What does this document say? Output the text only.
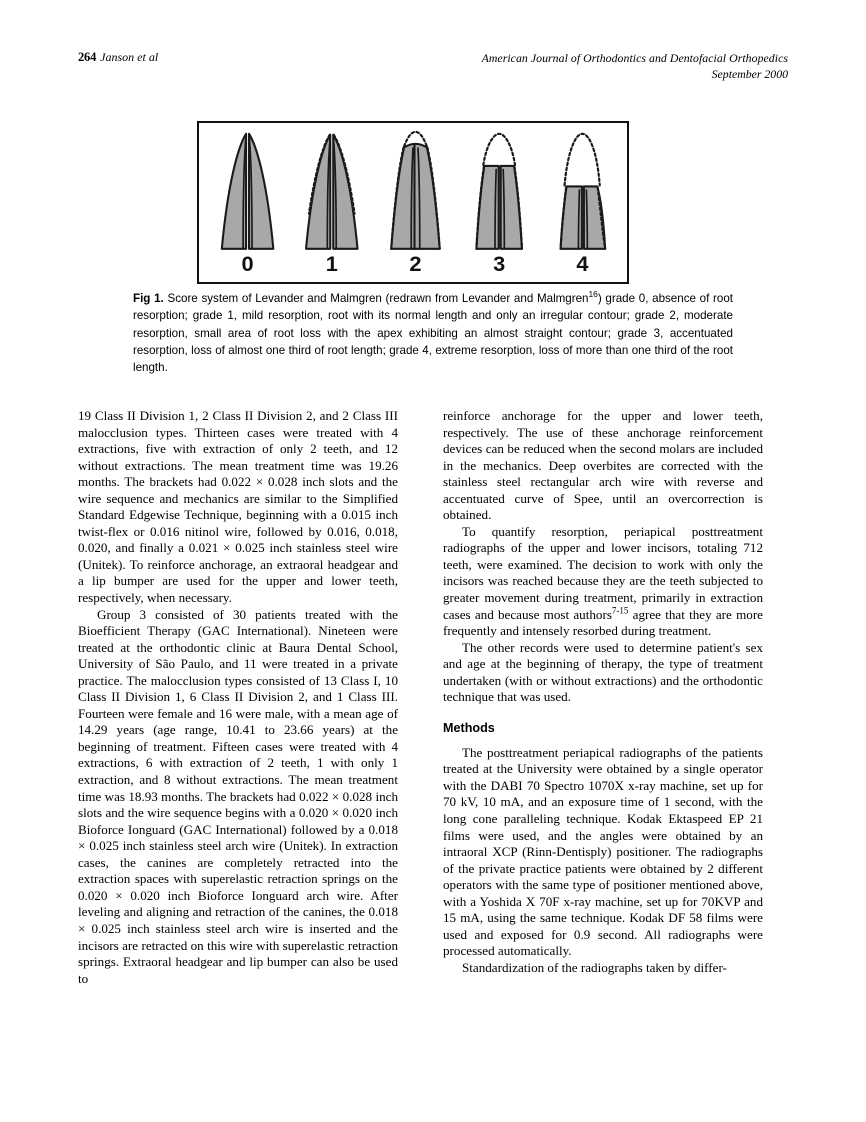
264 Janson et al	American Journal of Orthodontics and Dentofacial Orthopedics
September 2000
0	1	2	3	4
Fig 1. Score system of Levander and Malmgren (redrawn from Levander and Malmgren$^{16}$) grade 0, absence of root resorption; grade 1, mild resorption, root with its normal length and only an irregular contour; grade 2, moderate resorption, small area of root loss with the apex exhibiting an almost straight contour; grade 3, accentuated resorption, loss of almost one third of root length; grade 4, extreme resorption, loss of more than one third of the root length.

19 Class II Division 1, 2 Class II Division 2, and 2 Class III malocclusion types. Thirteen cases were treated with 4 extractions, five with extraction of only 2 teeth, and 12 without extractions. The mean treatment time was 19.26 months. The brackets had 0.022 × 0.028 inch slots and the wire sequence and mechanics are similar to the Simplified Standard Edgewise Technique, beginning with a 0.015 inch twist-flex or 0.016 nitinol wire, followed by 0.016, 0.018, 0.020, and finally a 0.021 × 0.025 inch stainless steel wire (Unitek). To reinforce anchorage, an extraoral headgear and a lip bumper are used for the upper and lower teeth, respectively, when necessary.

Group 3 consisted of 30 patients treated with the Bioefficient Therapy (GAC International). Nineteen were treated at the orthodontic clinic at Baura Dental School, University of São Paulo, and 11 were treated in a private practice. The malocclusion types consisted of 13 Class I, 10 Class II Division 1, 6 Class II Division 2, and 1 Class III. Fourteen were female and 16 were male, with a mean age of 14.29 years (age range, 10.41 to 23.66 years) at the beginning of treatment. Fifteen cases were treated with 4 extractions, 6 with extraction of 2 teeth, 1 with only 1 extraction, and 8 without extractions. The mean treatment time was 18.93 months. The brackets had 0.022 × 0.028 inch slots and the wire sequence begins with a 0.020 × 0.020 inch Bioforce Ionguard (GAC International) followed by a 0.018 × 0.025 inch stainless steel arch wire (Unitek). In extraction cases, the canines are completely retracted into the extraction spaces with superelastic retraction springs on the 0.020 × 0.020 inch Bioforce Ionguard arch wire. After leveling and aligning and retraction of the canines, the 0.018 × 0.025 inch stainless steel arch wire is inserted and the incisors are retracted on this wire with superelastic retraction springs. Extraoral headgear and lip bumper can also be used to

reinforce anchorage for the upper and lower teeth, respectively. The use of these anchorage reinforcement devices can be reduced when the second molars are included in the mechanics. Deep overbites are corrected with the stainless steel rectangular arch wire with reverse and accentuated curve of Spee, until an overcorrection is obtained.

To quantify resorption, periapical posttreatment radiographs of the upper and lower incisors, totaling 712 teeth, were examined. The decision to work with only the incisors was reached because they are the teeth subjected to greater movement during treatment, primarily in extraction cases and because most authors$^{7-15}$ agree that they are more frequently and intensely resorbed during treatment.

The other records were used to determine patient's sex and age at the beginning of therapy, the type of treatment undertaken (with or without extractions) and the orthodontic technique that was used.

Methods

The posttreatment periapical radiographs of the patients treated at the University were obtained by a single operator with the DABI 70 Spectro 1070X x-ray machine, set up for 70 kV, 10 mA, and an exposure time of 1 second, with the long cone paralleling technique. Kodak Ektaspeed EP 21 films were used, and the angles were obtained by an intraoral XCP (Rinn-Dentisply) positioner. The radiographs of the private practice patients were obtained by 2 different operators with the same type of positioner mentioned above, with a Yoshida X 70F x-ray machine, set up for 70KVP and 15 mA, using the same technique. Kodak DF 58 films were used and exposed for 0.9 second. All radiographs were processed automatically.

Standardization of the radiographs taken by differ-
